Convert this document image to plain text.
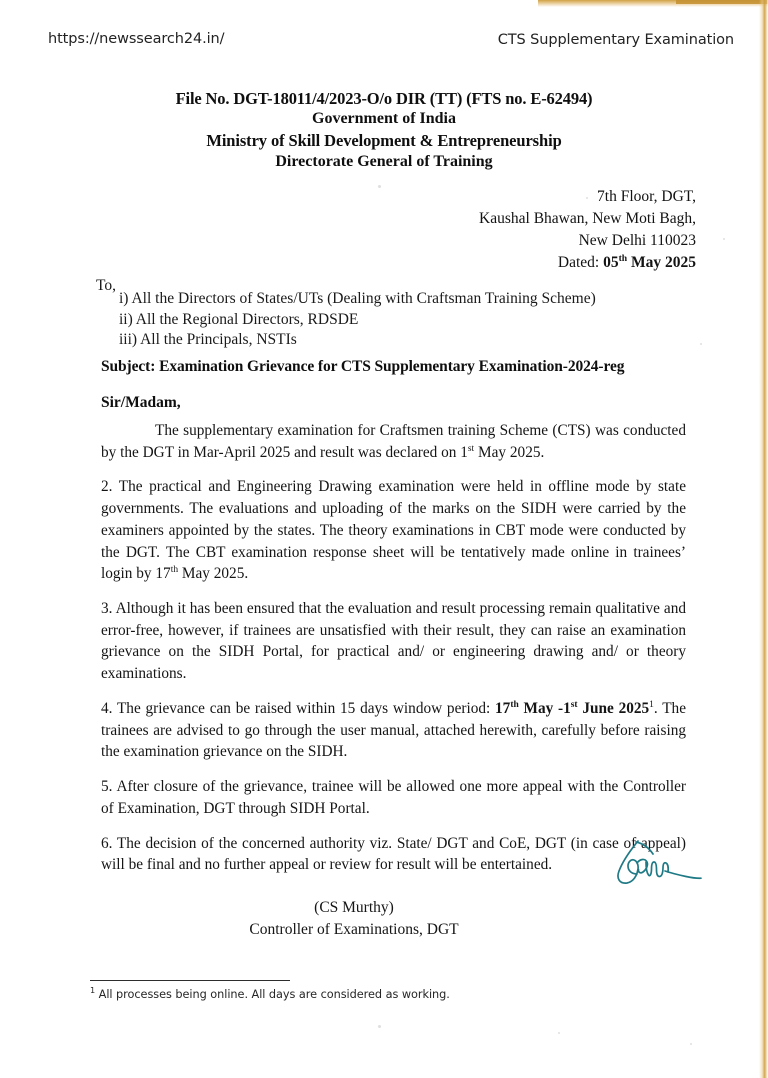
https://newssearch24.in/	CTS Supplementary Examination
File No. DGT-18011/4/2023-O/o DIR (TT) (FTS no. E-62494)
Government of India
Ministry of Skill Development & Entrepreneurship
Directorate General of Training
7th Floor, DGT,
Kaushal Bhawan, New Moti Bagh,
New Delhi 110023
Dated: 05th May 2025
To,
i) All the Directors of States/UTs (Dealing with Craftsman Training Scheme)
ii) All the Regional Directors, RDSDE
iii) All the Principals, NSTIs
Subject: Examination Grievance for CTS Supplementary Examination-2024-reg
Sir/Madam,

The supplementary examination for Craftsmen training Scheme (CTS) was conducted by the DGT in Mar-April 2025 and result was declared on 1st May 2025.

2. The practical and Engineering Drawing examination were held in offline mode by state governments. The evaluations and uploading of the marks on the SIDH were carried by the examiners appointed by the states. The theory examinations in CBT mode were conducted by the DGT. The CBT examination response sheet will be tentatively made online in trainees’ login by 17th May 2025.

3. Although it has been ensured that the evaluation and result processing remain qualitative and error-free, however, if trainees are unsatisfied with their result, they can raise an examination grievance on the SIDH Portal, for practical and/ or engineering drawing and/ or theory examinations.

4. The grievance can be raised within 15 days window period: 17th May -1st June 2025$^1$. The trainees are advised to go through the user manual, attached herewith, carefully before raising the examination grievance on the SIDH.

5. After closure of the grievance, trainee will be allowed one more appeal with the Controller of Examination, DGT through SIDH Portal.

6. The decision of the concerned authority viz. State/ DGT and CoE, DGT (in case of appeal) will be final and no further appeal or review for result will be entertained.

(CS Murthy)
Controller of Examinations, DGT
$^1$ All processes being online. All days are considered as working.
